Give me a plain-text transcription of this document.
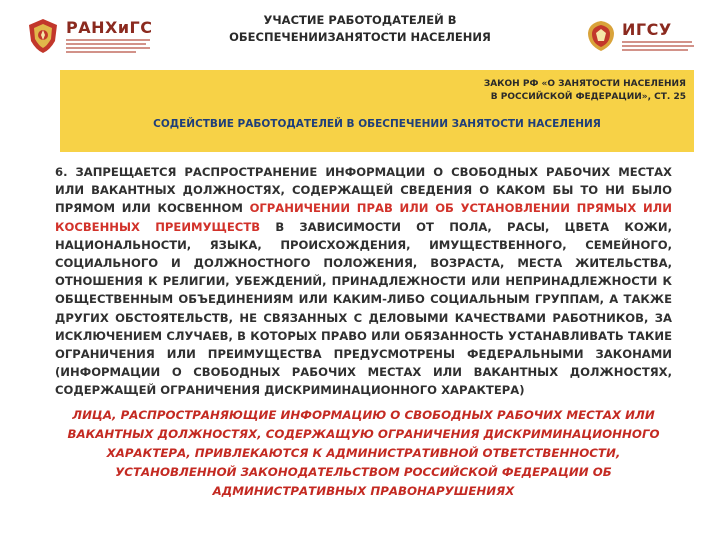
РАНХиГС	УЧАСТИЕ РАБОТОДАТЕЛЕЙ В
ОБЕСПЕЧЕНИИЗАНЯТОСТИ НАСЕЛЕНИЯ	ИГСУ
ЗАКОН РФ «О ЗАНЯТОСТИ НАСЕЛЕНИЯ
В РОССИЙСКОЙ ФЕДЕРАЦИИ», СТ. 25
СОДЕЙСТВИЕ РАБОТОДАТЕЛЕЙ В ОБЕСПЕЧЕНИИ ЗАНЯТОСТИ НАСЕЛЕНИЯ

6. ЗАПРЕЩАЕТСЯ РАСПРОСТРАНЕНИЕ ИНФОРМАЦИИ О СВОБОДНЫХ РАБОЧИХ МЕСТАХ ИЛИ ВАКАНТНЫХ ДОЛЖНОСТЯХ, СОДЕРЖАЩЕЙ СВЕДЕНИЯ О КАКОМ БЫ ТО НИ БЫЛО ПРЯМОМ ИЛИ КОСВЕННОМ ОГРАНИЧЕНИИ ПРАВ ИЛИ ОБ УСТАНОВЛЕНИИ ПРЯМЫХ ИЛИ КОСВЕННЫХ ПРЕИМУЩЕСТВ В ЗАВИСИМОСТИ ОТ ПОЛА, РАСЫ, ЦВЕТА КОЖИ, НАЦИОНАЛЬНОСТИ, ЯЗЫКА, ПРОИСХОЖДЕНИЯ, ИМУЩЕСТВЕННОГО, СЕМЕЙНОГО, СОЦИАЛЬНОГО И ДОЛЖНОСТНОГО ПОЛОЖЕНИЯ, ВОЗРАСТА, МЕСТА ЖИТЕЛЬСТВА, ОТНОШЕНИЯ К РЕЛИГИИ, УБЕЖДЕНИЙ, ПРИНАДЛЕЖНОСТИ ИЛИ НЕПРИНАДЛЕЖНОСТИ К ОБЩЕСТВЕННЫМ ОБЪЕДИНЕНИЯМ ИЛИ КАКИМ-ЛИБО СОЦИАЛЬНЫМ ГРУППАМ, А ТАКЖЕ ДРУГИХ ОБСТОЯТЕЛЬСТВ, НЕ СВЯЗАННЫХ С ДЕЛОВЫМИ КАЧЕСТВАМИ РАБОТНИКОВ, ЗА ИСКЛЮЧЕНИЕМ СЛУЧАЕВ, В КОТОРЫХ ПРАВО ИЛИ ОБЯЗАННОСТЬ УСТАНАВЛИВАТЬ ТАКИЕ ОГРАНИЧЕНИЯ ИЛИ ПРЕИМУЩЕСТВА ПРЕДУСМОТРЕНЫ ФЕДЕРАЛЬНЫМИ ЗАКОНАМИ (ИНФОРМАЦИИ О СВОБОДНЫХ РАБОЧИХ МЕСТАХ ИЛИ ВАКАНТНЫХ ДОЛЖНОСТЯХ, СОДЕРЖАЩЕЙ ОГРАНИЧЕНИЯ ДИСКРИМИНАЦИОННОГО ХАРАКТЕРА)

ЛИЦА, РАСПРОСТРАНЯЮЩИЕ ИНФОРМАЦИЮ О СВОБОДНЫХ РАБОЧИХ МЕСТАХ ИЛИ ВАКАНТНЫХ ДОЛЖНОСТЯХ, СОДЕРЖАЩУЮ ОГРАНИЧЕНИЯ ДИСКРИМИНАЦИОННОГО ХАРАКТЕРА, ПРИВЛЕКАЮТСЯ К АДМИНИСТРАТИВНОЙ ОТВЕТСТВЕННОСТИ, УСТАНОВЛЕННОЙ ЗАКОНОДАТЕЛЬСТВОМ РОССИЙСКОЙ ФЕДЕРАЦИИ ОБ АДМИНИСТРАТИВНЫХ ПРАВОНАРУШЕНИЯХ
